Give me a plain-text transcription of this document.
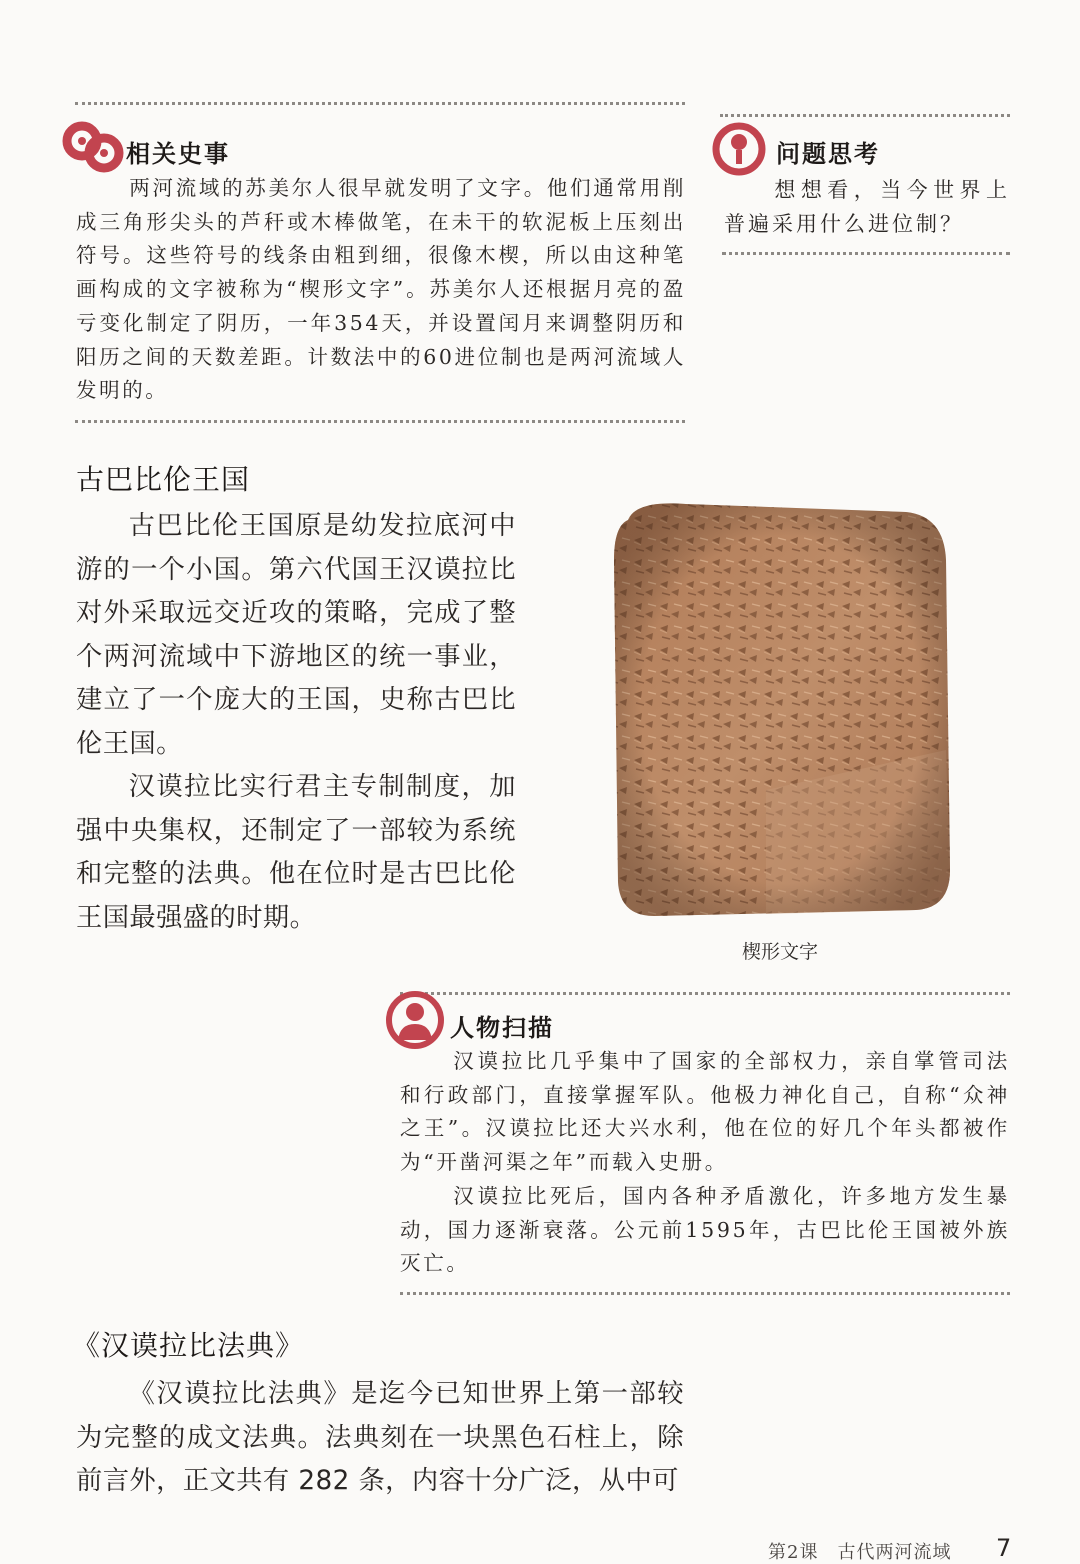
相关史事

两河流域的苏美尔人很早就发明了文字。他们通常用削成三角形尖头的芦秆或木棒做笔，在未干的软泥板上压刻出符号。这些符号的线条由粗到细，很像木楔，所以由这种笔画构成的文字被称为“楔形文字”。苏美尔人还根据月亮的盈亏变化制定了阴历，一年354天，并设置闰月来调整阴历和阳历之间的天数差距。计数法中的60进位制也是两河流域人发明的。

问题思考

想想看，当今世界上普遍采用什么进位制？

古巴比伦王国

古巴比伦王国原是幼发拉底河中游的一个小国。第六代国王汉谟拉比对外采取远交近攻的策略，完成了整个两河流域中下游地区的统一事业，建立了一个庞大的王国，史称古巴比伦王国。

汉谟拉比实行君主专制制度，加强中央集权，还制定了一部较为系统和完整的法典。他在位时是古巴比伦王国最强盛的时期。

楔形文字
人物扫描

汉谟拉比几乎集中了国家的全部权力，亲自掌管司法和行政部门，直接掌握军队。他极力神化自己，自称“众神之王”。汉谟拉比还大兴水利，他在位的好几个年头都被作为“开凿河渠之年”而载入史册。

汉谟拉比死后，国内各种矛盾激化，许多地方发生暴动，国力逐渐衰落。公元前1595年，古巴比伦王国被外族灭亡。

《汉谟拉比法典》

《汉谟拉比法典》是迄今已知世界上第一部较为完整的成文法典。法典刻在一块黑色石柱上，除前言外，正文共有 282 条，内容十分广泛，从中可

第2课　古代两河流域 7
